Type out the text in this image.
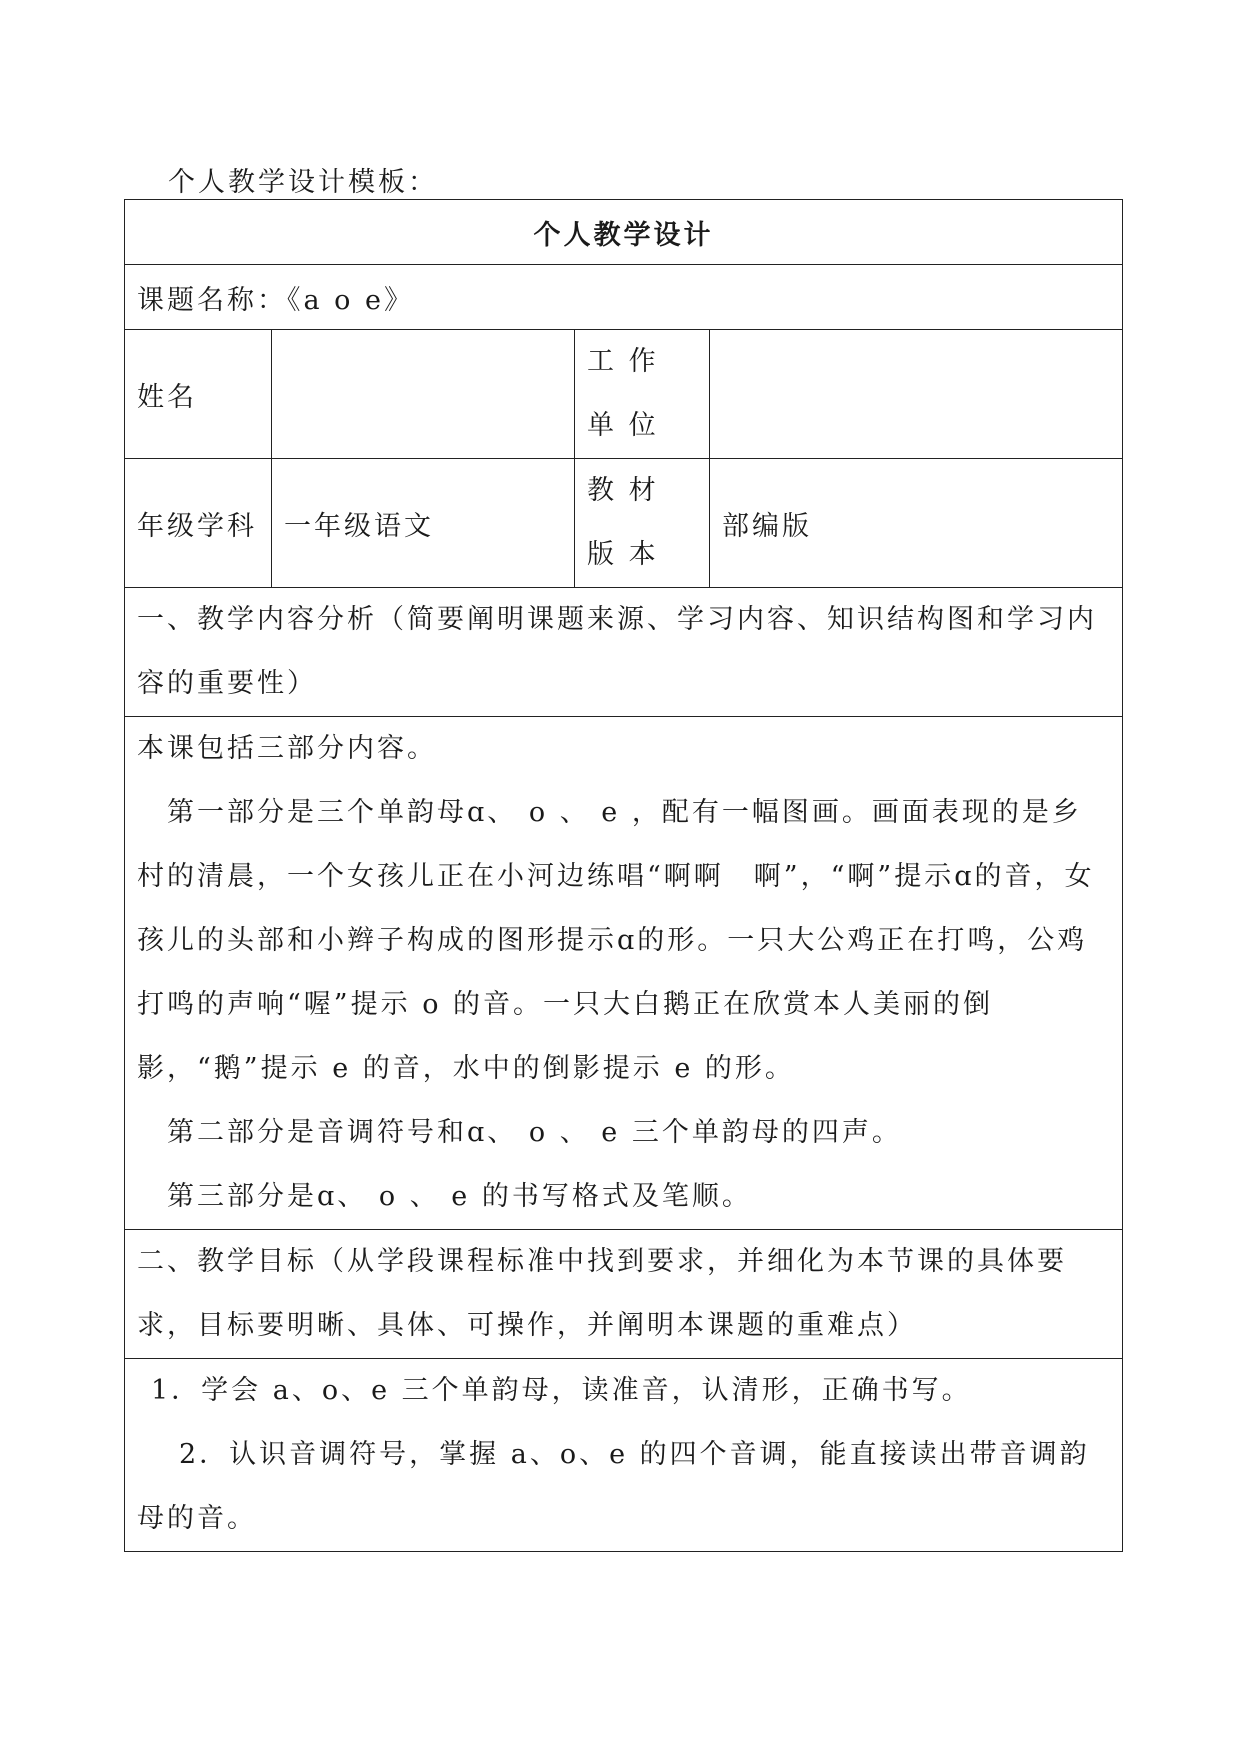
个人教学设计模板：
个人教学设计			
课题名称：《a o e》			
姓名		工 作 单 位	
年级学科	一年级语文	教 材 版 本	部编版
一、教学内容分析（简要阐明课题来源、学习内容、知识结构图和学习内容的重要性）			

本课包括三部分内容。

第一部分是三个单韵母ɑ、 o 、 e ，配有一幅图画。画面表现的是乡村的清晨，一个女孩儿正在小河边练唱“啊啊　啊”，“啊”提示ɑ的音，女孩儿的头部和小辫子构成的图形提示ɑ的形。一只大公鸡正在打鸣，公鸡打鸣的声响“喔”提示 o 的音。一只大白鹅正在欣赏本人美丽的倒影，“鹅”提示 e 的音，水中的倒影提示 e 的形。

第二部分是音调符号和ɑ、 o 、 e 三个单韵母的四声。

第三部分是ɑ、 o 、 e 的书写格式及笔顺。			

二、教学目标（从学段课程标准中找到要求，并细化为本节课的具体要求，目标要明晰、具体、可操作，并阐明本课题的重难点）			

1．学会 a、o、e 三个单韵母，读准音，认清形，正确书写。

2．认识音调符号，掌握 a、o、e 的四个音调，能直接读出带音调韵母的音。			
